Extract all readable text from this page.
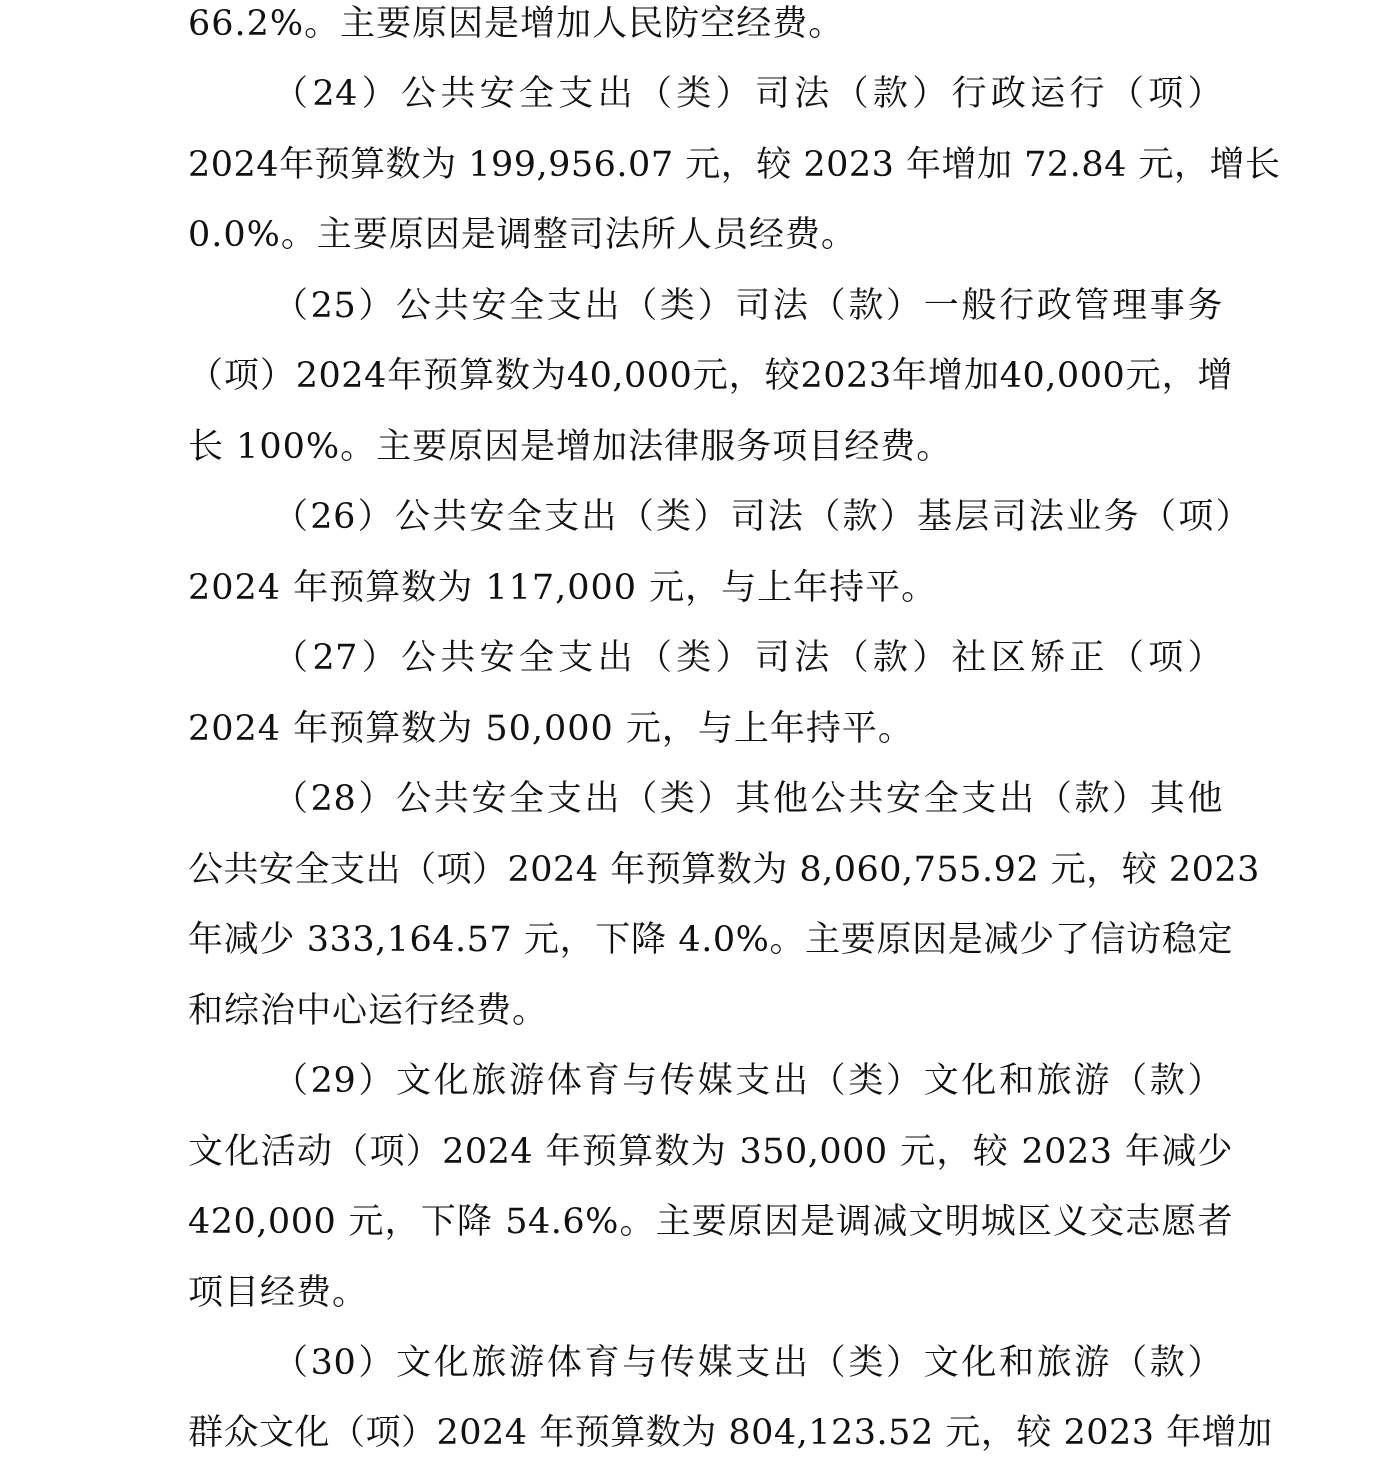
66.2%。主要原因是增加人民防空经费。
（24）公共安全支出（类）司法（款）行政运行（项）
2024年预算数为 199,956.07 元，较 2023 年增加 72.84 元，增长
0.0%。主要原因是调整司法所人员经费。
（25）公共安全支出（类）司法（款）一般行政管理事务
（项）2024年预算数为40,000元，较2023年增加40,000元，增
长 100%。主要原因是增加法律服务项目经费。
（26）公共安全支出（类）司法（款）基层司法业务（项）
2024 年预算数为 117,000 元，与上年持平。
（27）公共安全支出（类）司法（款）社区矫正（项）
2024 年预算数为 50,000 元，与上年持平。
（28）公共安全支出（类）其他公共安全支出（款）其他
公共安全支出（项）2024 年预算数为 8,060,755.92 元，较 2023
年减少 333,164.57 元，下降 4.0%。主要原因是减少了信访稳定
和综治中心运行经费。
（29）文化旅游体育与传媒支出（类）文化和旅游（款）
文化活动（项）2024 年预算数为 350,000 元，较 2023 年减少
420,000 元，下降 54.6%。主要原因是调减文明城区义交志愿者
项目经费。
（30）文化旅游体育与传媒支出（类）文化和旅游（款）
群众文化（项）2024 年预算数为 804,123.52 元，较 2023 年增加
